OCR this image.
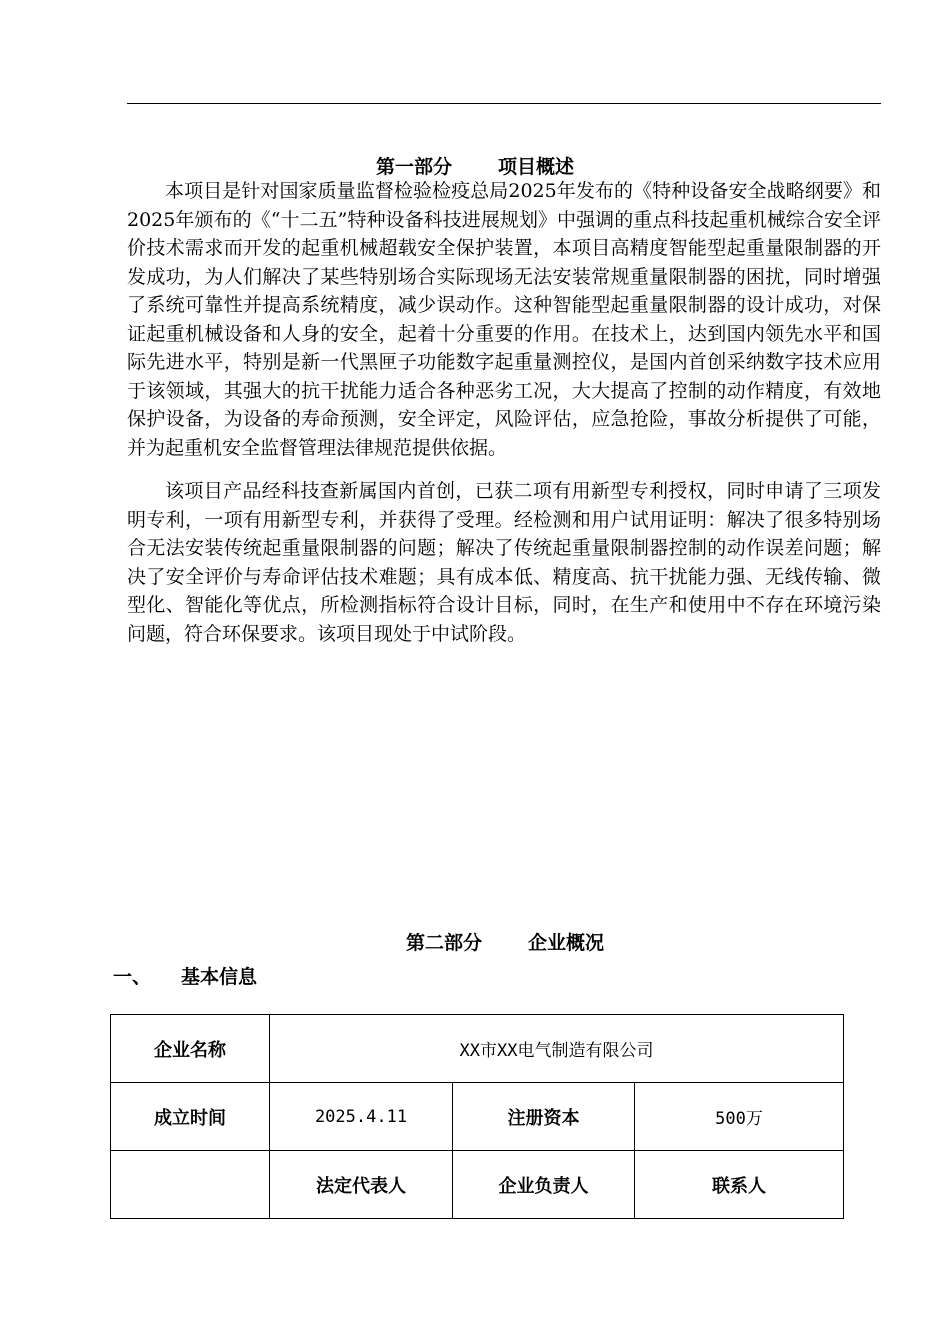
第一部分 项目概述

本项目是针对国家质量监督检验检疫总局2025年发布的《特种设备安全战略纲要》和2025年颁布的《“十二五”特种设备科技进展规划》中强调的重点科技起重机械综合安全评价技术需求而开发的起重机械超载安全保护装置，本项目高精度智能型起重量限制器的开发成功，为人们解决了某些特别场合实际现场无法安装常规重量限制器的困扰，同时增强了系统可靠性并提高系统精度，减少误动作。这种智能型起重量限制器的设计成功，对保证起重机械设备和人身的安全，起着十分重要的作用。在技术上，达到国内领先水平和国际先进水平，特别是新一代黑匣子功能数字起重量测控仪，是国内首创采纳数字技术应用于该领域，其强大的抗干扰能力适合各种恶劣工况，大大提高了控制的动作精度，有效地保护设备，为设备的寿命预测，安全评定，风险评估，应急抢险，事故分析提供了可能，并为起重机安全监督管理法律规范提供依据。

该项目产品经科技查新属国内首创，已获二项有用新型专利授权，同时申请了三项发明专利，一项有用新型专利，并获得了受理。经检测和用户试用证明：解决了很多特别场合无法安装传统起重量限制器的问题；解决了传统起重量限制器控制的动作误差问题；解决了安全评价与寿命评估技术难题；具有成本低、精度高、抗干扰能力强、无线传输、微型化、智能化等优点，所检测指标符合设计目标，同时，在生产和使用中不存在环境污染问题，符合环保要求。该项目现处于中试阶段。

第二部分 企业概况
一、 基本信息
企业名称	XX市XX电气制造有限公司		
成立时间	2025.4.11	注册资本	500万
	法定代表人	企业负责人	联系人
